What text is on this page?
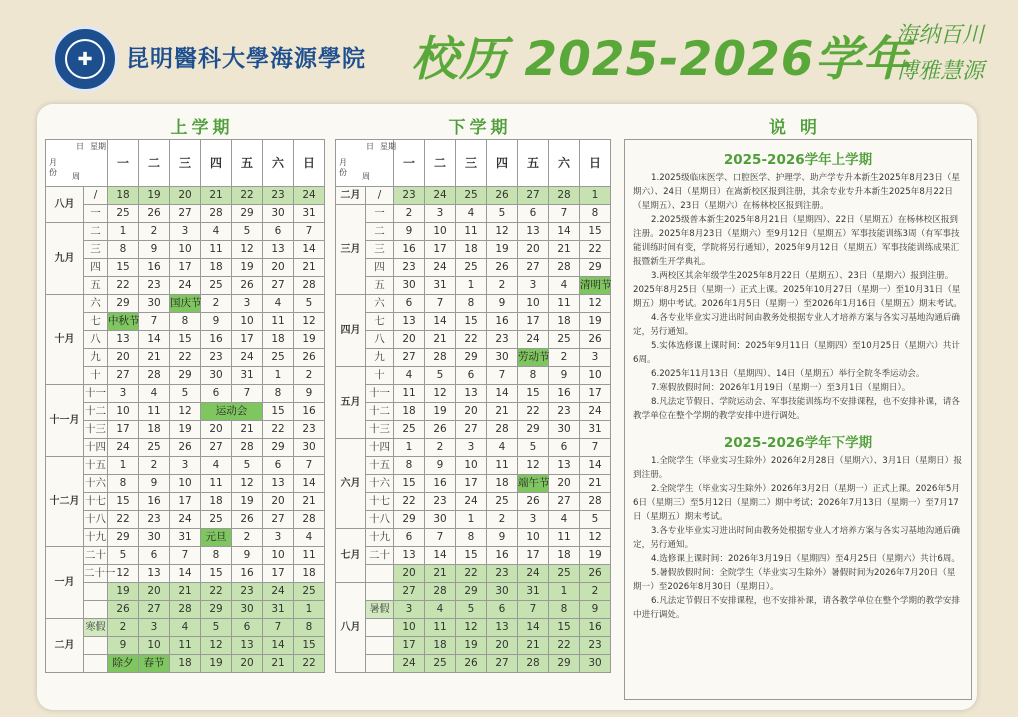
✚	昆明醫科大學海源學院 校历 2025-2026学年
海纳百川
博雅慧源
上学期	下学期	说 明
日 星期
月份 周		一	二	三	四	五	六	日
八月	/	18	19	20	21	22	23	24
	一	25	26	27	28	29	30	31
九月	二	1	2	3	4	5	6	7
	三	8	9	10	11	12	13	14
	四	15	16	17	18	19	20	21
	五	22	23	24	25	26	27	28
十月	六	29	30	国庆节	2	3	4	5
	七	中秋节	7	8	9	10	11	12
	八	13	14	15	16	17	18	19
	九	20	21	22	23	24	25	26
	十	27	28	29	30	31	1	2
十一月	十一	3	4	5	6	7	8	9
	十二	10	11	12	运动会		15	16
	十三	17	18	19	20	21	22	23
	十四	24	25	26	27	28	29	30
十二月	十五	1	2	3	4	5	6	7
	十六	8	9	10	11	12	13	14
	十七	15	16	17	18	19	20	21
	十八	22	23	24	25	26	27	28
	十九	29	30	31	元旦	2	3	4
一月	二十	5	6	7	8	9	10	11
	二十一	12	13	14	15	16	17	18
		19	20	21	22	23	24	25
		26	27	28	29	30	31	1
二月	寒假	2	3	4	5	6	7	8
		9	10	11	12	13	14	15
		除夕	春节	18	19	20	21	22
日 星期
月份 周		一	二	三	四	五	六	日
二月	/	23	24	25	26	27	28	1
三月	一	2	3	4	5	6	7	8
	二	9	10	11	12	13	14	15
	三	16	17	18	19	20	21	22
	四	23	24	25	26	27	28	29
	五	30	31	1	2	3	4	清明节
四月	六	6	7	8	9	10	11	12
	七	13	14	15	16	17	18	19
	八	20	21	22	23	24	25	26
	九	27	28	29	30	劳动节	2	3
五月	十	4	5	6	7	8	9	10
	十一	11	12	13	14	15	16	17
	十二	18	19	20	21	22	23	24
	十三	25	26	27	28	29	30	31
六月	十四	1	2	3	4	5	6	7
	十五	8	9	10	11	12	13	14
	十六	15	16	17	18	端午节	20	21
	十七	22	23	24	25	26	27	28
	十八	29	30	1	2	3	4	5
七月	十九	6	7	8	9	10	11	12
	二十	13	14	15	16	17	18	19
		20	21	22	23	24	25	26
八月		27	28	29	30	31	1	2
	暑假	3	4	5	6	7	8	9
		10	11	12	13	14	15	16
		17	18	19	20	21	22	23
		24	25	26	27	28	29	30
2025-2026学年上学期

1.2025级临床医学、口腔医学、护理学、助产学专升本新生2025年8月23日（星期六）、24日（星期日）在嵩新校区报到注册，其余专业专升本新生2025年8月22日（星期五）、23日（星期六）在杨林校区报到注册。

2.2025级普本新生2025年8月21日（星期四）、22日（星期五）在杨林校区报到注册。2025年8月23日（星期六）至9月12日（星期五）军事技能训练3周（有军事技能训练时间有变，学院将另行通知），2025年9月12日（星期五）军事技能训练成果汇报暨新生开学典礼。

3.两校区其余年级学生2025年8月22日（星期五）、23日（星期六）报到注册。2025年8月25日（星期一）正式上课。2025年10月27日（星期一）至10月31日（星期五）期中考试。2026年1月5日（星期一）至2026年1月16日（星期五）期末考试。

4.各专业毕业实习进出时间由教务处根据专业人才培养方案与各实习基地沟通后确定，另行通知。

5.实体选修课上课时间：2025年9月11日（星期四）至10月25日（星期六）共计6周。

6.2025年11月13日（星期四）、14日（星期五）举行全院冬季运动会。

7.寒假放假时间：2026年1月19日（星期一）至3月1日（星期日）。

8.凡法定节假日、学院运动会、军事技能训练均不安排课程，也不安排补课，请各教学单位在整个学期的教学安排中进行调处。

2025-2026学年下学期

1.全院学生（毕业实习生除外）2026年2月28日（星期六）、3月1日（星期日）报到注册。

2.全院学生（毕业实习生除外）2026年3月2日（星期一）正式上课。2026年5月6日（星期三）至5月12日（星期二）期中考试；2026年7月13日（星期一）至7月17日（星期五）期末考试。

3.各专业毕业实习进出时间由教务处根据专业人才培养方案与各实习基地沟通后确定，另行通知。

4.选修课上课时间：2026年3月19日（星期四）至4月25日（星期六）共计6周。

5.暑假放假时间：全院学生（毕业实习生除外）暑假时间为2026年7月20日（星期一）至2026年8月30日（星期日）。

6.凡法定节假日不安排课程，也不安排补课，请各教学单位在整个学期的教学安排中进行调处。
